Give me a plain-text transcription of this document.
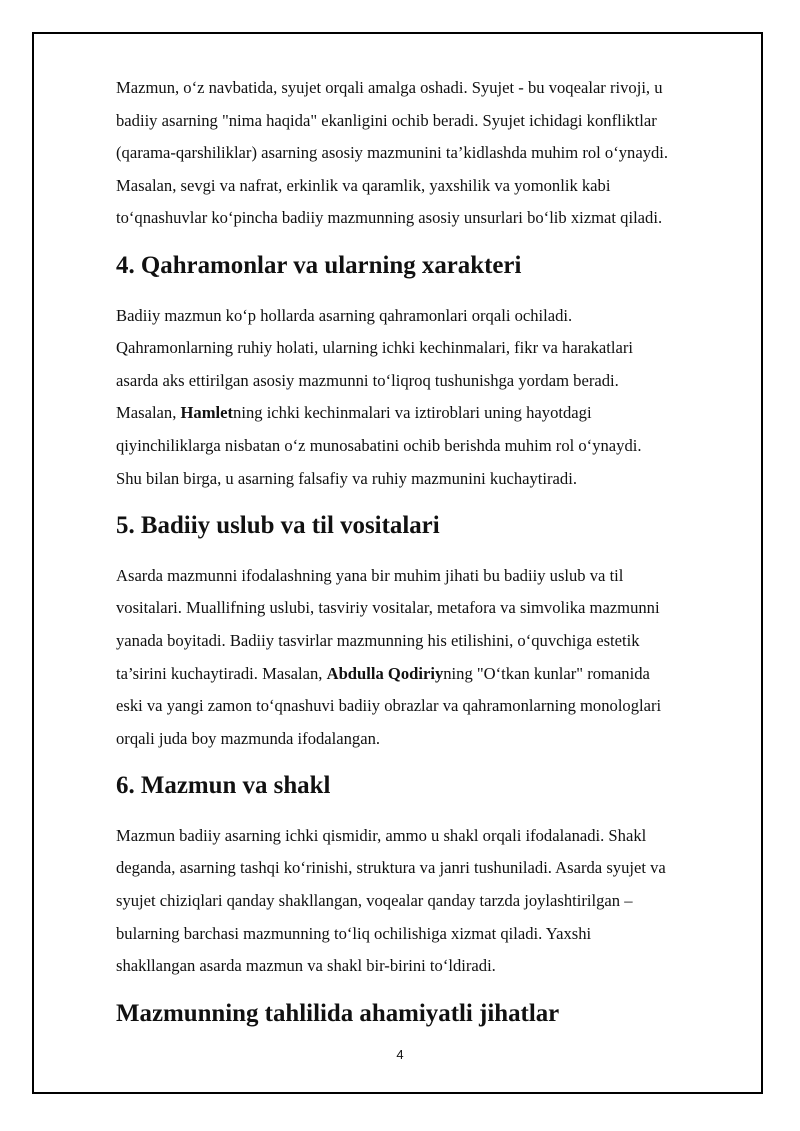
Mazmun, o‘z navbatida, syujet orqali amalga oshadi. Syujet - bu voqealar rivoji, u
badiiy asarning "nima haqida" ekanligini ochib beradi. Syujet ichidagi konfliktlar
(qarama-qarshiliklar) asarning asosiy mazmunini ta’kidlashda muhim rol o‘ynaydi.
Masalan, sevgi va nafrat, erkinlik va qaramlik, yaxshilik va yomonlik kabi
to‘qnashuvlar ko‘pincha badiiy mazmunning asosiy unsurlari bo‘lib xizmat qiladi.

4. Qahramonlar va ularning xarakteri

Badiiy mazmun ko‘p hollarda asarning qahramonlari orqali ochiladi.
Qahramonlarning ruhiy holati, ularning ichki kechinmalari, fikr va harakatlari
asarda aks ettirilgan asosiy mazmunni to‘liqroq tushunishga yordam beradi.
Masalan, Hamletning ichki kechinmalari va iztiroblari uning hayotdagi
qiyinchiliklarga nisbatan o‘z munosabatini ochib berishda muhim rol o‘ynaydi.
Shu bilan birga, u asarning falsafiy va ruhiy mazmunini kuchaytiradi.

5. Badiiy uslub va til vositalari

Asarda mazmunni ifodalashning yana bir muhim jihati bu badiiy uslub va til
vositalari. Muallifning uslubi, tasviriy vositalar, metafora va simvolika mazmunni
yanada boyitadi. Badiiy tasvirlar mazmunning his etilishini, o‘quvchiga estetik
ta’sirini kuchaytiradi. Masalan, Abdulla Qodiriyning "O‘tkan kunlar" romanida
eski va yangi zamon to‘qnashuvi badiiy obrazlar va qahramonlarning monologlari
orqali juda boy mazmunda ifodalangan.

6. Mazmun va shakl

Mazmun badiiy asarning ichki qismidir, ammo u shakl orqali ifodalanadi. Shakl
deganda, asarning tashqi ko‘rinishi, struktura va janri tushuniladi. Asarda syujet va
syujet chiziqlari qanday shakllangan, voqealar qanday tarzda joylashtirilgan –
bularning barchasi mazmunning to‘liq ochilishiga xizmat qiladi. Yaxshi
shakllangan asarda mazmun va shakl bir-birini to‘ldiradi.

Mazmunning tahlilida ahamiyatli jihatlar
4
